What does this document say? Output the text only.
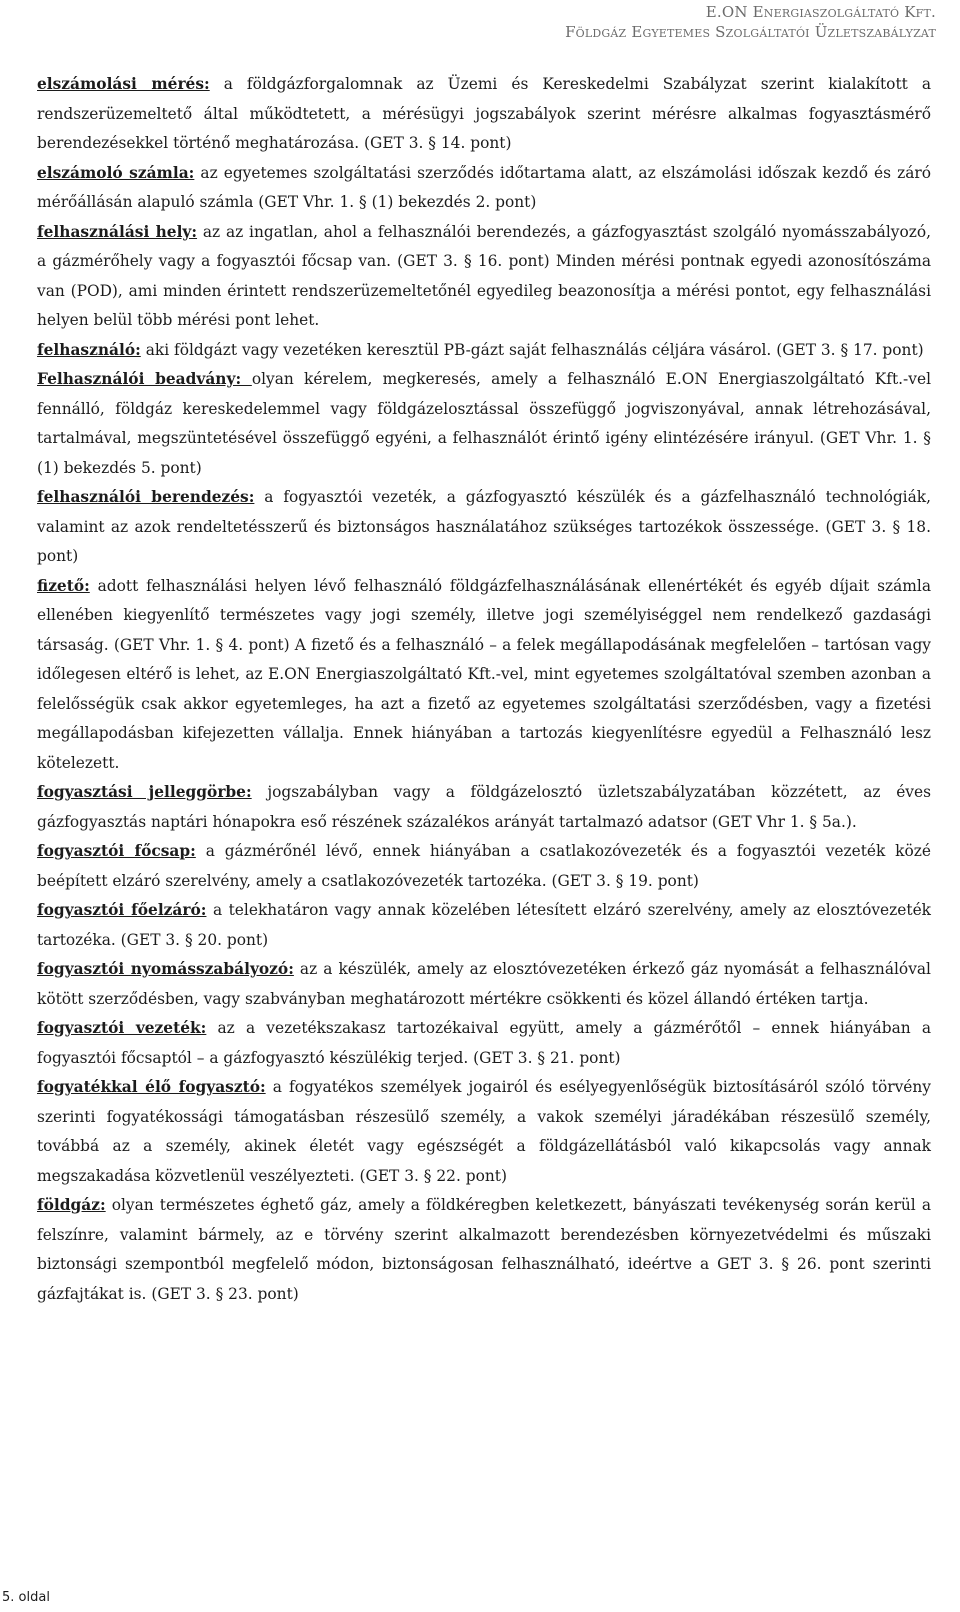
E.ON Energiaszolgáltató Kft.
Földgáz Egyetemes Szolgáltatói Üzletszabályzat

elszámolási mérés: a földgázforgalomnak az Üzemi és Kereskedelmi Szabályzat szerint kialakított a rendszerüzemeltető által működtetett, a mérésügyi jogszabályok szerint mérésre alkalmas fogyasztásmérő berendezésekkel történő meghatározása. (GET 3. § 14. pont)

elszámoló számla: az egyetemes szolgáltatási szerződés időtartama alatt, az elszámolási időszak kezdő és záró mérőállásán alapuló számla (GET Vhr. 1. § (1) bekezdés 2. pont)

felhasználási hely: az az ingatlan, ahol a felhasználói berendezés, a gázfogyasztást szolgáló nyomásszabályozó, a gázmérőhely vagy a fogyasztói főcsap van. (GET 3. § 16. pont) Minden mérési pontnak egyedi azonosítószáma van (POD), ami minden érintett rendszerüzemeltetőnél egyedileg beazonosítja a mérési pontot, egy felhasználási helyen belül több mérési pont lehet.

felhasználó: aki földgázt vagy vezetéken keresztül PB-gázt saját felhasználás céljára vásárol. (GET 3. § 17. pont)

Felhasználói beadvány: olyan kérelem, megkeresés, amely a felhasználó E.ON Energiaszolgáltató Kft.-vel fennálló, földgáz kereskedelemmel vagy földgázelosztással összefüggő jogviszonyával, annak létrehozásával, tartalmával, megszüntetésével összefüggő egyéni, a felhasználót érintő igény elintézésére irányul. (GET Vhr. 1. § (1) bekezdés 5. pont)

felhasználói berendezés: a fogyasztói vezeték, a gázfogyasztó készülék és a gázfelhasználó technológiák, valamint az azok rendeltetésszerű és biztonságos használatához szükséges tartozékok összessége. (GET 3. § 18. pont)

fizető: adott felhasználási helyen lévő felhasználó földgázfelhasználásának ellenértékét és egyéb díjait számla ellenében kiegyenlítő természetes vagy jogi személy, illetve jogi személyiséggel nem rendelkező gazdasági társaság. (GET Vhr. 1. § 4. pont) A fizető és a felhasználó – a felek megállapodásának megfelelően – tartósan vagy időlegesen eltérő is lehet, az E.ON Energiaszolgáltató Kft.-vel, mint egyetemes szolgáltatóval szemben azonban a felelősségük csak akkor egyetemleges, ha azt a fizető az egyetemes szolgáltatási szerződésben, vagy a fizetési megállapodásban kifejezetten vállalja. Ennek hiányában a tartozás kiegyenlítésre egyedül a Felhasználó lesz kötelezett.

fogyasztási jelleggörbe: jogszabályban vagy a földgázelosztó üzletszabályzatában közzétett, az éves gázfogyasztás naptári hónapokra eső részének százalékos arányát tartalmazó adatsor (GET Vhr 1. § 5a.).

fogyasztói főcsap: a gázmérőnél lévő, ennek hiányában a csatlakozóvezeték és a fogyasztói vezeték közé beépített elzáró szerelvény, amely a csatlakozóvezeték tartozéka. (GET 3. § 19. pont)

fogyasztói főelzáró: a telekhatáron vagy annak közelében létesített elzáró szerelvény, amely az elosztóvezeték tartozéka. (GET 3. § 20. pont)

fogyasztói nyomásszabályozó: az a készülék, amely az elosztóvezetéken érkező gáz nyomását a felhasználóval kötött szerződésben, vagy szabványban meghatározott mértékre csökkenti és közel állandó értéken tartja.

fogyasztói vezeték: az a vezetékszakasz tartozékaival együtt, amely a gázmérőtől – ennek hiányában a fogyasztói főcsaptól – a gázfogyasztó készülékig terjed. (GET 3. § 21. pont)

fogyatékkal élő fogyasztó: a fogyatékos személyek jogairól és esélyegyenlőségük biztosításáról szóló törvény szerinti fogyatékossági támogatásban részesülő személy, a vakok személyi járadékában részesülő személy, továbbá az a személy, akinek életét vagy egészségét a földgázellátásból való kikapcsolás vagy annak megszakadása közvetlenül veszélyezteti. (GET 3. § 22. pont)

földgáz: olyan természetes éghető gáz, amely a földkéregben keletkezett, bányászati tevékenység során kerül a felszínre, valamint bármely, az e törvény szerint alkalmazott berendezésben környezetvédelmi és műszaki biztonsági szempontból megfelelő módon, biztonságosan felhasználható, ideértve a GET 3. § 26. pont szerinti gázfajtákat is. (GET 3. § 23. pont)

5. oldal
